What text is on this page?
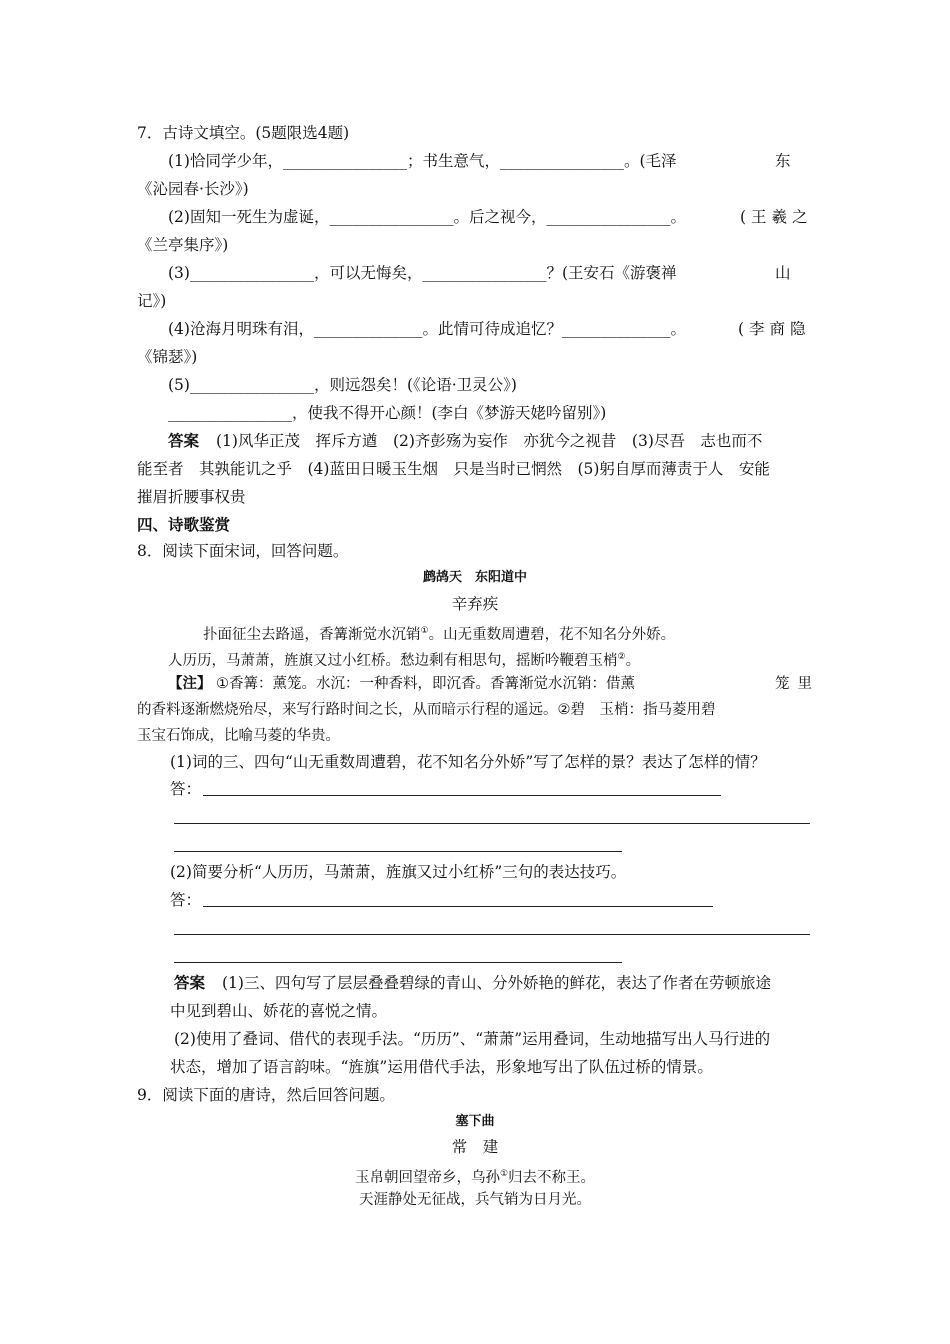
7．古诗文填空。(5题限选4题)
(1)恰同学少年，________________；书生意气，________________。(毛泽	东
《沁园春·长沙》)
(2)固知一死生为虚诞，________________。后之视今，________________。	(王羲之
《兰亭集序》)
(3)________________，可以无悔矣，________________？(王安石《游褒禅	山
记》)
(4)沧海月明珠有泪，______________。此情可待成追忆？______________。	(李商隐
《锦瑟》)
(5)________________，则远怨矣！(《论语·卫灵公》)
________________，使我不得开心颜！(李白《梦游天姥吟留别》)
答案 (1)风华正茂　挥斥方遒　(2)齐彭殇为妄作　亦犹今之视昔　(3)尽吾　志也而不
能至者　其孰能讥之乎　(4)蓝田日暖玉生烟　只是当时已惘然　(5)躬自厚而薄责于人　安能
摧眉折腰事权贵
四、诗歌鉴赏
8．阅读下面宋词，回答问题。
鹧鸪天　东阳道中
辛弃疾
扑面征尘去路遥，香篝渐觉水沉销①。山无重数周遭碧，花不知名分外娇。
人历历，马萧萧，旌旗又过小红桥。愁边剩有相思句，摇断吟鞭碧玉梢②。
【注】 ①香篝：薰笼。水沉：一种香料，即沉香。香篝渐觉水沉销：借薰	笼里
的香料逐渐燃烧殆尽，来写行路时间之长，从而暗示行程的遥远。②碧　玉梢：指马菱用碧
玉宝石饰成，比喻马菱的华贵。
(1)词的三、四句“山无重数周遭碧，花不知名分外娇”写了怎样的景？表达了怎样的情？
答：
(2)简要分析“人历历，马萧萧，旌旗又过小红桥”三句的表达技巧。
答：
答案 (1)三、四句写了层层叠叠碧绿的青山、分外娇艳的鲜花，表达了作者在劳顿旅途
中见到碧山、娇花的喜悦之情。
(2)使用了叠词、借代的表现手法。“历历”、“萧萧”运用叠词，生动地描写出人马行进的
状态，增加了语言韵味。“旌旗”运用借代手法，形象地写出了队伍过桥的情景。
9．阅读下面的唐诗，然后回答问题。
塞下曲
常　建
玉帛朝回望帝乡，乌孙①归去不称王。
天涯静处无征战，兵气销为日月光。
